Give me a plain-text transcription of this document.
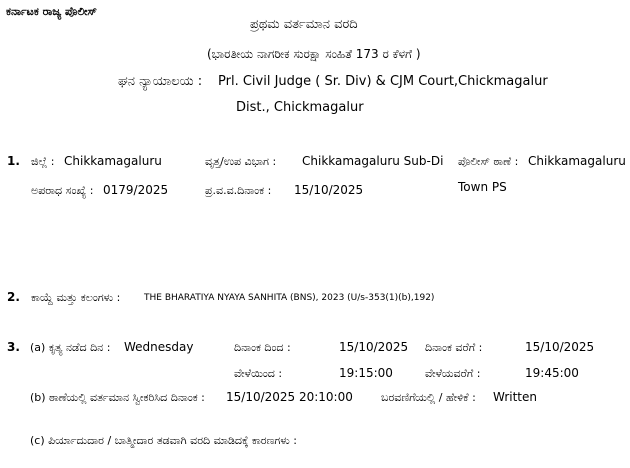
ಕರ್ನಾಟಕ ರಾಜ್ಯ ಪೊಲೀಸ್
ಪ್ರಥಮ ವರ್ತಮಾನ ವರದಿ
(ಭಾರತೀಯ ನಾಗರೀಕ ಸುರಕ್ಷಾ ಸಂಹಿತೆ 173 ರ ಕೆಳಗೆ )
ಘನ ನ್ಯಾಯಾಲಯ : Prl. Civil Judge ( Sr. Div) & CJM Court,Chickmagalur
Dist., Chickmagalur
1. ಜಿಲ್ಲೆ : Chikkamagaluru	ವೃತ್ತ/ಉಪ ವಿಭಾಗ : Chikkamagaluru Sub-Di ಪೊಲೀಸ್ ಠಾಣೆ : Chikkamagaluru
Town PS
ಅಪರಾಧ ಸಂಖ್ಯೆ : 0179/2025	ಪ್ರ.ವ.ವ.ದಿನಾಂಕ : 15/10/2025
2. ಕಾಯ್ದೆ ಮತ್ತು ಕಲಂಗಳು :	THE BHARATIYA NYAYA SANHITA (BNS), 2023 (U/s-353(1)(b),192)
3. (a) ಕೃತ್ಯ ನಡೆದ ದಿನ : Wednesday	ದಿನಾಂಕ ದಿಂದ :	15/10/2025 ದಿನಾಂಕ ವರೆಗೆ :	15/10/2025
ವೇಳೆಯಿಂದ :	19:15:00	ವೇಳೆಯವರೆಗೆ :	19:45:00
(b) ಠಾಣೆಯಲ್ಲಿ ವರ್ತಮಾನ ಸ್ವೀಕರಿಸಿದ ದಿನಾಂಕ : 15/10/2025 20:10:00	ಬರವಣಿಗೆಯಲ್ಲಿ / ಹೇಳಿಕೆ : Written
(c) ಪಿರ್ಯಾದುದಾರ / ಬಾತ್ಮೀದಾರ ತಡವಾಗಿ ವರದಿ ಮಾಡಿದಕ್ಕೆ ಕಾರಣಗಳು :
